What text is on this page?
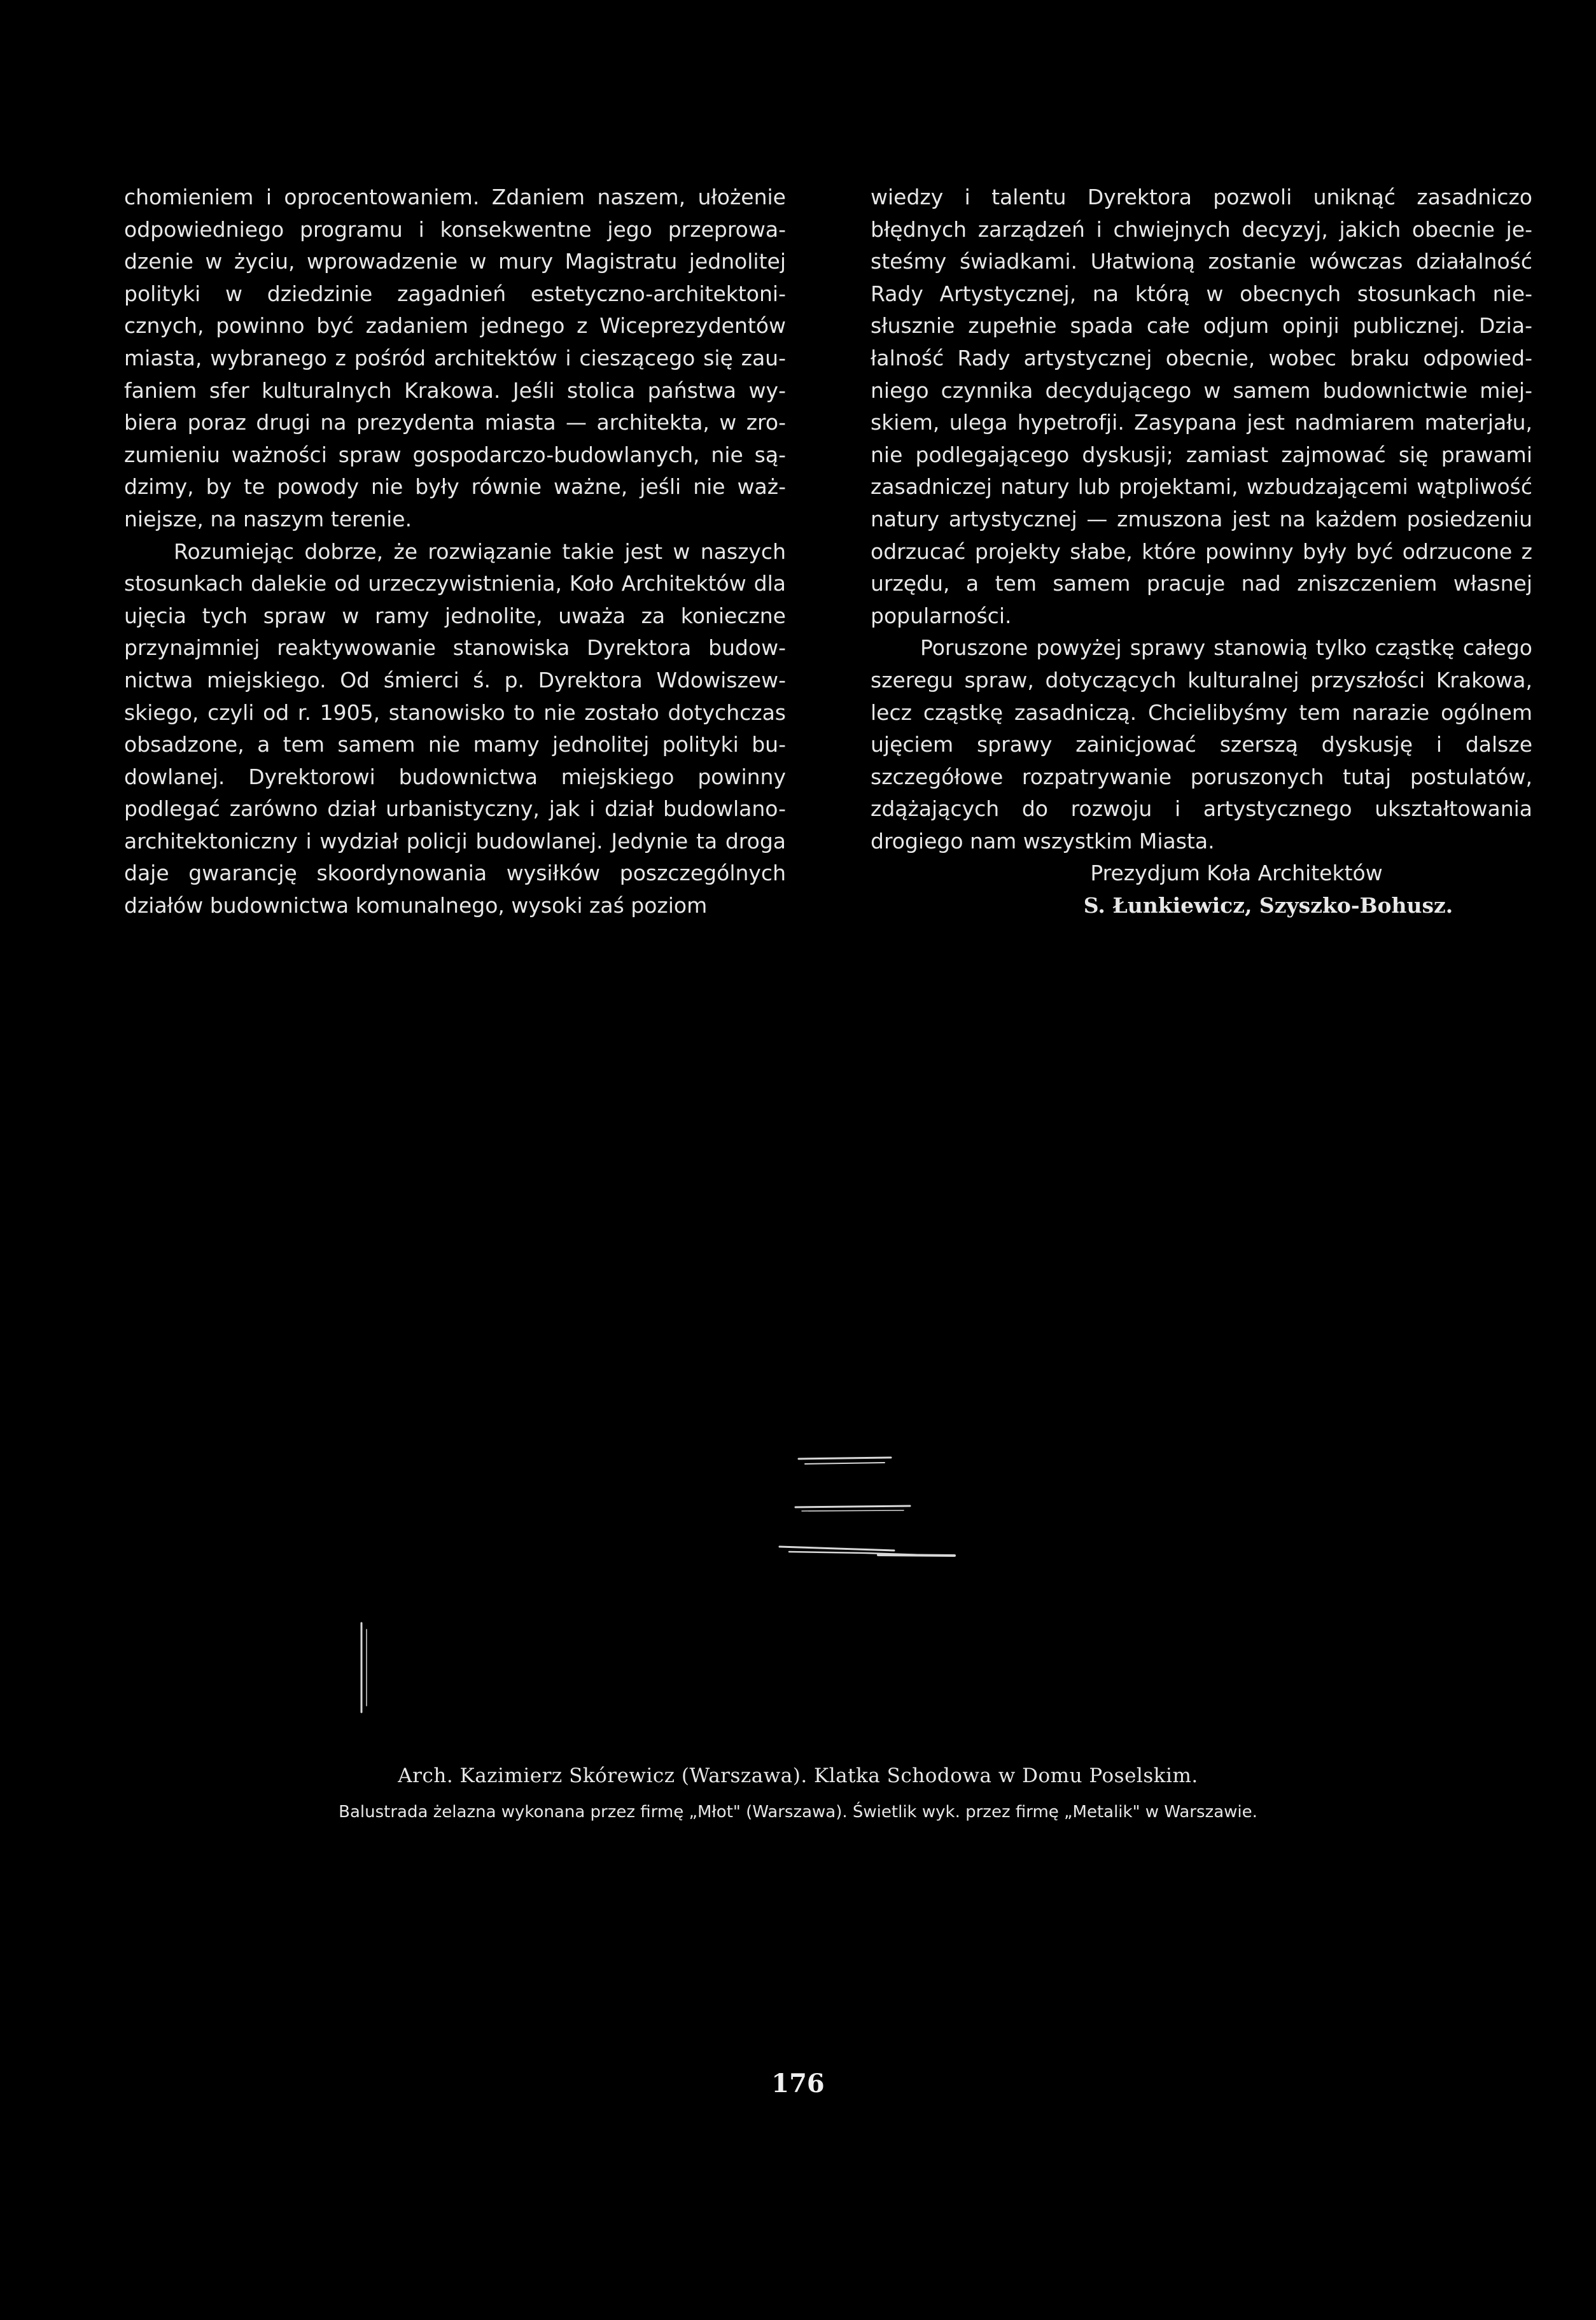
chomieniem i oprocentowaniem. Zdaniem naszem, ułożenie odpowiedniego programu i konsekwentne jego przeprowadzenie w życiu, wprowadzenie w mury Magistratu jednolitej polityki w dziedzinie zagadnień estetyczno-architektonicznych, powinno być zadaniem jednego z Wiceprezydentów miasta, wybranego z pośród architektów i cieszącego się zaufaniem sfer kulturalnych Krakowa. Jeśli stolica państwa wybiera poraz drugi na prezydenta miasta — architekta, w zrozumieniu ważności spraw gospodarczo-budowlanych, nie sądzimy, by te powody nie były równie ważne, jeśli nie ważniejsze, na naszym terenie.

Rozumiejąc dobrze, że rozwiązanie takie jest w naszych stosunkach dalekie od urzeczywistnienia, Koło Architektów dla ujęcia tych spraw w ramy jednolite, uważa za konieczne przynajmniej reaktywowanie stanowiska Dyrektora budownictwa miejskiego. Od śmierci ś. p. Dyrektora Wdowiszewskiego, czyli od r. 1905, stanowisko to nie zostało dotychczas obsadzone, a tem samem nie mamy jednolitej polityki budowlanej. Dyrektorowi budownictwa miejskiego powinny podlegać zarówno dział urbanistyczny, jak i dział budowlano-architektoniczny i wydział policji budowlanej. Jedynie ta droga daje gwarancję skoordynowania wysiłków poszczególnych działów budownictwa komunalnego, wysoki zaś poziom

wiedzy i talentu Dyrektora pozwoli uniknąć zasadniczo błędnych zarządzeń i chwiejnych decyzyj, jakich obecnie jesteśmy świadkami. Ułatwioną zostanie wówczas działalność Rady Artystycznej, na którą w obecnych stosunkach niesłusznie zupełnie spada całe odjum opinji publicznej. Działalność Rady artystycznej obecnie, wobec braku odpowiedniego czynnika decydującego w samem budownictwie miejskiem, ulega hypetrofji. Zasypana jest nadmiarem materjału, nie podlegającego dyskusji; zamiast zajmować się prawami zasadniczej natury lub projektami, wzbudzającemi wątpliwość natury artystycznej — zmuszona jest na każdem posiedzeniu odrzucać projekty słabe, które powinny były być odrzucone z urzędu, a tem samem pracuje nad zniszczeniem własnej popularności.

Poruszone powyżej sprawy stanowią tylko cząstkę całego szeregu spraw, dotyczących kulturalnej przyszłości Krakowa, lecz cząstkę zasadniczą. Chcielibyśmy tem narazie ogólnem ujęciem sprawy zainicjować szerszą dyskusję i dalsze szczegółowe rozpatrywanie poruszonych tutaj postulatów, zdążających do rozwoju i artystycznego ukształtowania drogiego nam wszystkim Miasta.

Prezydjum Koła Architektów

S. Łunkiewicz, Szyszko-Bohusz.

Arch. Kazimierz Skórewicz (Warszawa). Klatka Schodowa w Domu Poselskim.

Balustrada żelazna wykonana przez firmę „Młot" (Warszawa). Świetlik wyk. przez firmę „Metalik" w Warszawie.

176
